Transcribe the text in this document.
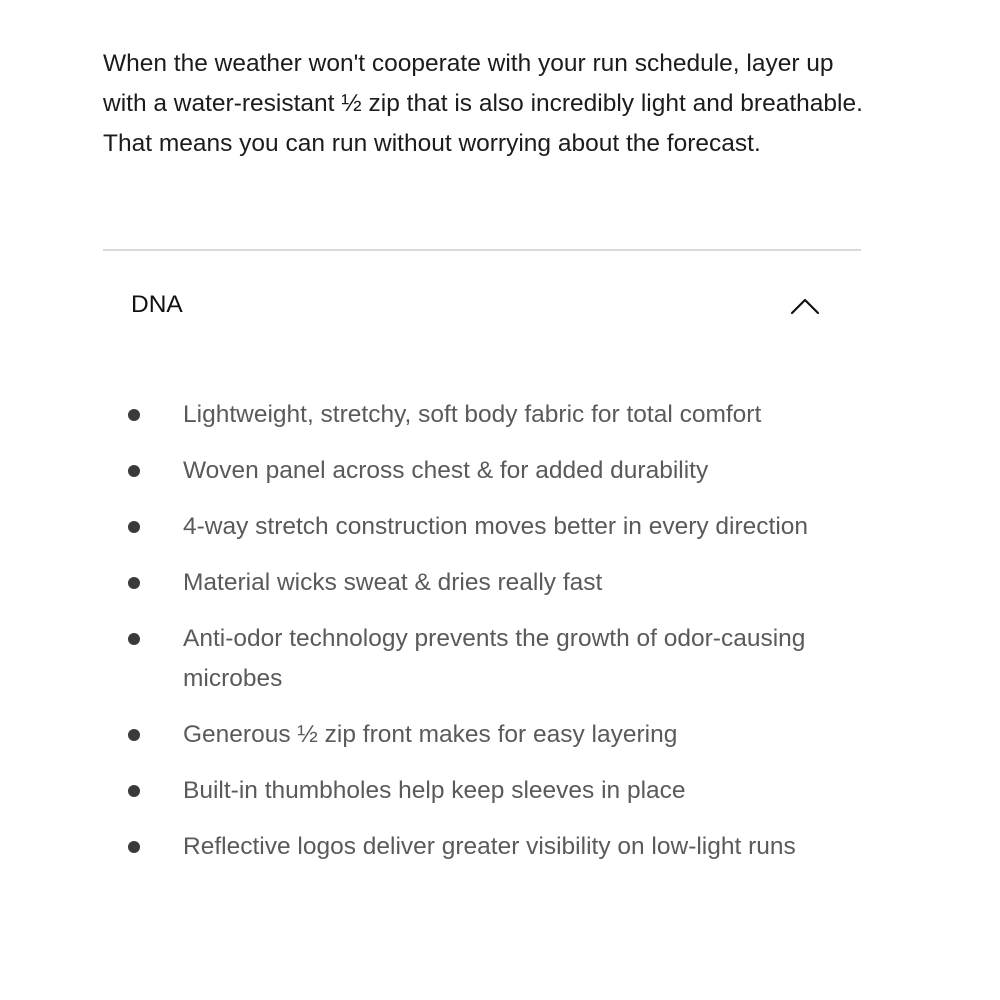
When the weather won't cooperate with your run schedule, layer up with a water-resistant ½ zip that is also incredibly light and breathable. That means you can run without worrying about the forecast.

DNA
Lightweight, stretchy, soft body fabric for total comfort
Woven panel across chest & for added durability
4-way stretch construction moves better in every direction
Material wicks sweat & dries really fast
Anti-odor technology prevents the growth of odor-causing microbes
Generous ½ zip front makes for easy layering
Built-in thumbholes help keep sleeves in place
Reflective logos deliver greater visibility on low-light runs
